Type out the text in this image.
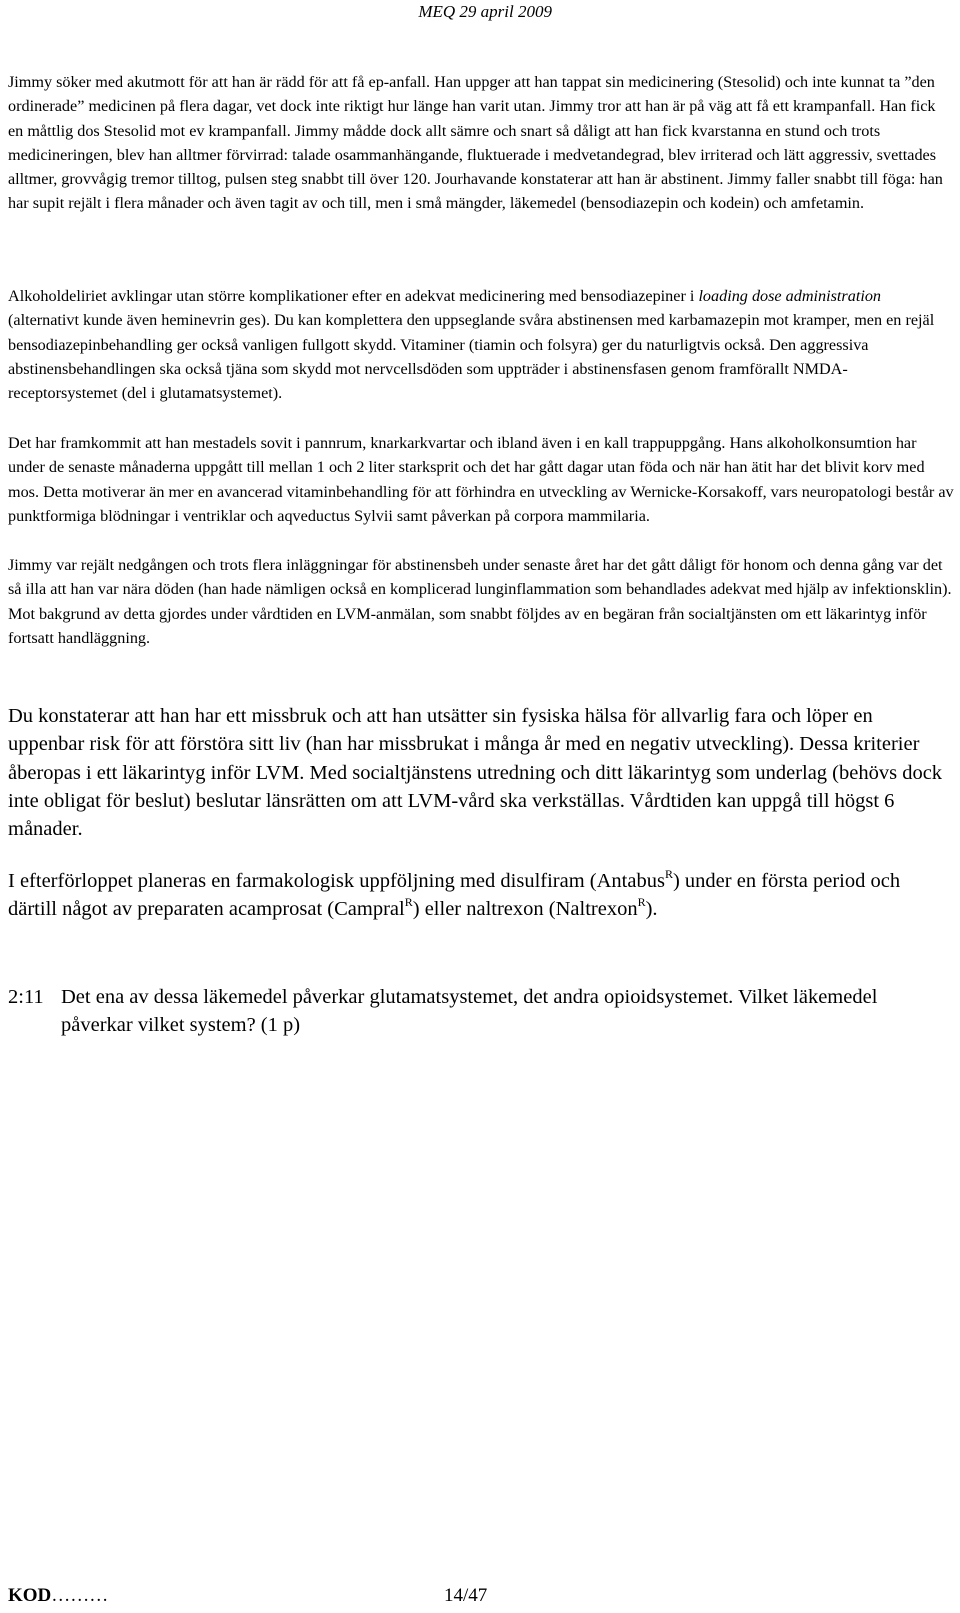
MEQ 29 april 2009

Jimmy söker med akutmott för att han är rädd för att få ep-anfall. Han uppger att han tappat sin medicinering (Stesolid) och inte kunnat ta ”den ordinerade” medicinen på flera dagar, vet dock inte riktigt hur länge han varit utan. Jimmy tror att han är på väg att få ett krampanfall. Han fick en måttlig dos Stesolid mot ev krampanfall. Jimmy mådde dock allt sämre och snart så dåligt att han fick kvarstanna en stund och trots medicineringen, blev han alltmer förvirrad: talade osammanhängande, fluktuerade i medvetandegrad, blev irriterad och lätt aggressiv, svettades alltmer, grovvågig tremor tilltog, pulsen steg snabbt till över 120. Jourhavande konstaterar att han är abstinent. Jimmy faller snabbt till föga: han har supit rejält i flera månader och även tagit av och till, men i små mängder, läkemedel (bensodiazepin och kodein) och amfetamin.

Alkoholdeliriet avklingar utan större komplikationer efter en adekvat medicinering med bensodiazepiner i loading dose administration (alternativt kunde även heminevrin ges). Du kan komplettera den uppseglande svåra abstinensen med karbamazepin mot kramper, men en rejäl bensodiazepinbehandling ger också vanligen fullgott skydd. Vitaminer (tiamin och folsyra) ger du naturligtvis också. Den aggressiva abstinensbehandlingen ska också tjäna som skydd mot nervcellsdöden som uppträder i abstinensfasen genom framförallt NMDA-receptorsystemet (del i glutamatsystemet).

Det har framkommit att han mestadels sovit i pannrum, knarkarkvartar och ibland även i en kall trappuppgång. Hans alkoholkonsumtion har under de senaste månaderna uppgått till mellan 1 och 2 liter starksprit och det har gått dagar utan föda och när han ätit har det blivit korv med mos. Detta motiverar än mer en avancerad vitaminbehandling för att förhindra en utveckling av Wernicke-Korsakoff, vars neuropatologi består av punktformiga blödningar i ventriklar och aqveductus Sylvii samt påverkan på corpora mammilaria.

Jimmy var rejält nedgången och trots flera inläggningar för abstinensbeh under senaste året har det gått dåligt för honom och denna gång var det så illa att han var nära döden (han hade nämligen också en komplicerad lunginflammation som behandlades adekvat med hjälp av infektionsklin). Mot bakgrund av detta gjordes under vårdtiden en LVM-anmälan, som snabbt följdes av en begäran från socialtjänsten om ett läkarintyg inför fortsatt handläggning.

Du konstaterar att han har ett missbruk och att han utsätter sin fysiska hälsa för allvarlig fara och löper en uppenbar risk för att förstöra sitt liv (han har missbrukat i många år med en negativ utveckling). Dessa kriterier åberopas i ett läkarintyg inför LVM. Med socialtjänstens utredning och ditt läkarintyg som underlag (behövs dock inte obligat för beslut) beslutar länsrätten om att LVM-vård ska verkställas. Vårdtiden kan uppgå till högst 6 månader.

I efterförloppet planeras en farmakologisk uppföljning med disulfiram (Antabus$^R$) under en första period och därtill något av preparaten acamprosat (Campral$^R$) eller naltrexon (Naltrexon$^R$).

2:11 Det ena av dessa läkemedel påverkar glutamatsystemet, det andra opioidsystemet. Vilket läkemedel påverkar vilket system? (1 p)
KOD………	14/47
